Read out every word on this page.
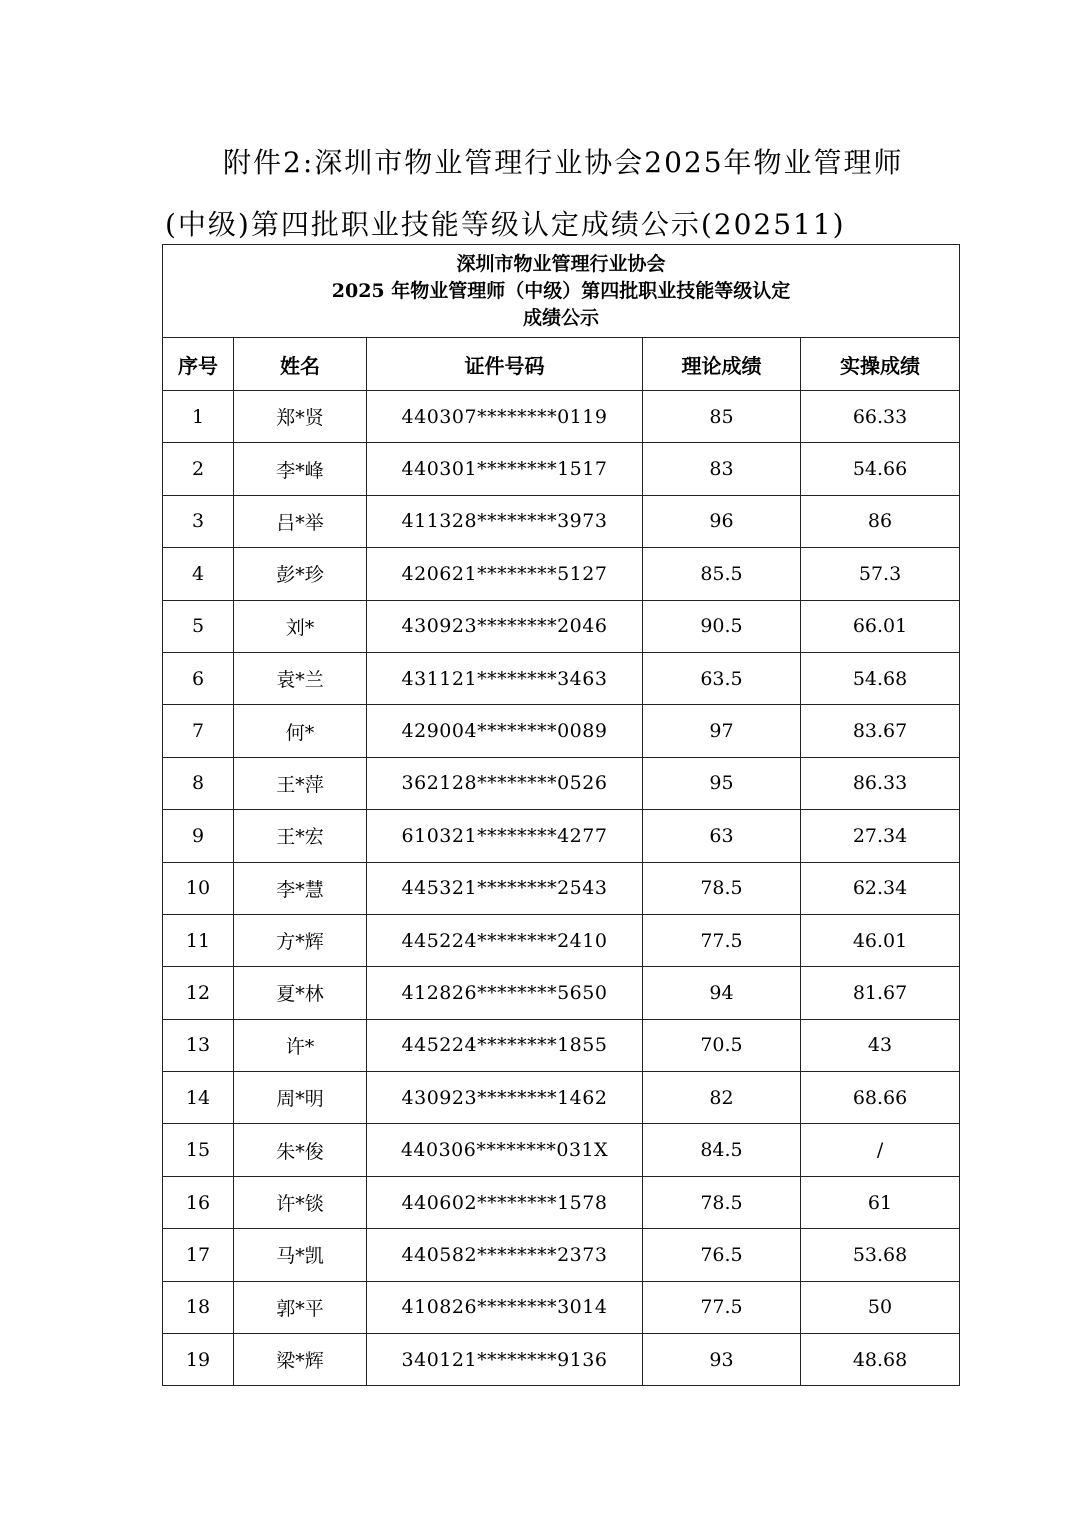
附件2:深圳市物业管理行业协会2025年物业管理师(中级)第四批职业技能等级认定成绩公示(202511)
深圳市物业管理行业协会
2025 年物业管理师（中级）第四批职业技能等级认定
成绩公示				

序号	姓名	证件号码	理论成绩	实操成绩
1	郑*贤	440307********0119	85	66.33
2	李*峰	440301********1517	83	54.66
3	吕*举	411328********3973	96	86
4	彭*珍	420621********5127	85.5	57.3
5	刘*	430923********2046	90.5	66.01
6	袁*兰	431121********3463	63.5	54.68
7	何*	429004********0089	97	83.67
8	王*萍	362128********0526	95	86.33
9	王*宏	610321********4277	63	27.34
10	李*慧	445321********2543	78.5	62.34
11	方*辉	445224********2410	77.5	46.01
12	夏*林	412826********5650	94	81.67
13	许*	445224********1855	70.5	43
14	周*明	430923********1462	82	68.66
15	朱*俊	440306********031X	84.5	/
16	许*锬	440602********1578	78.5	61
17	马*凯	440582********2373	76.5	53.68
18	郭*平	410826********3014	77.5	50
19	梁*辉	340121********9136	93	48.68
